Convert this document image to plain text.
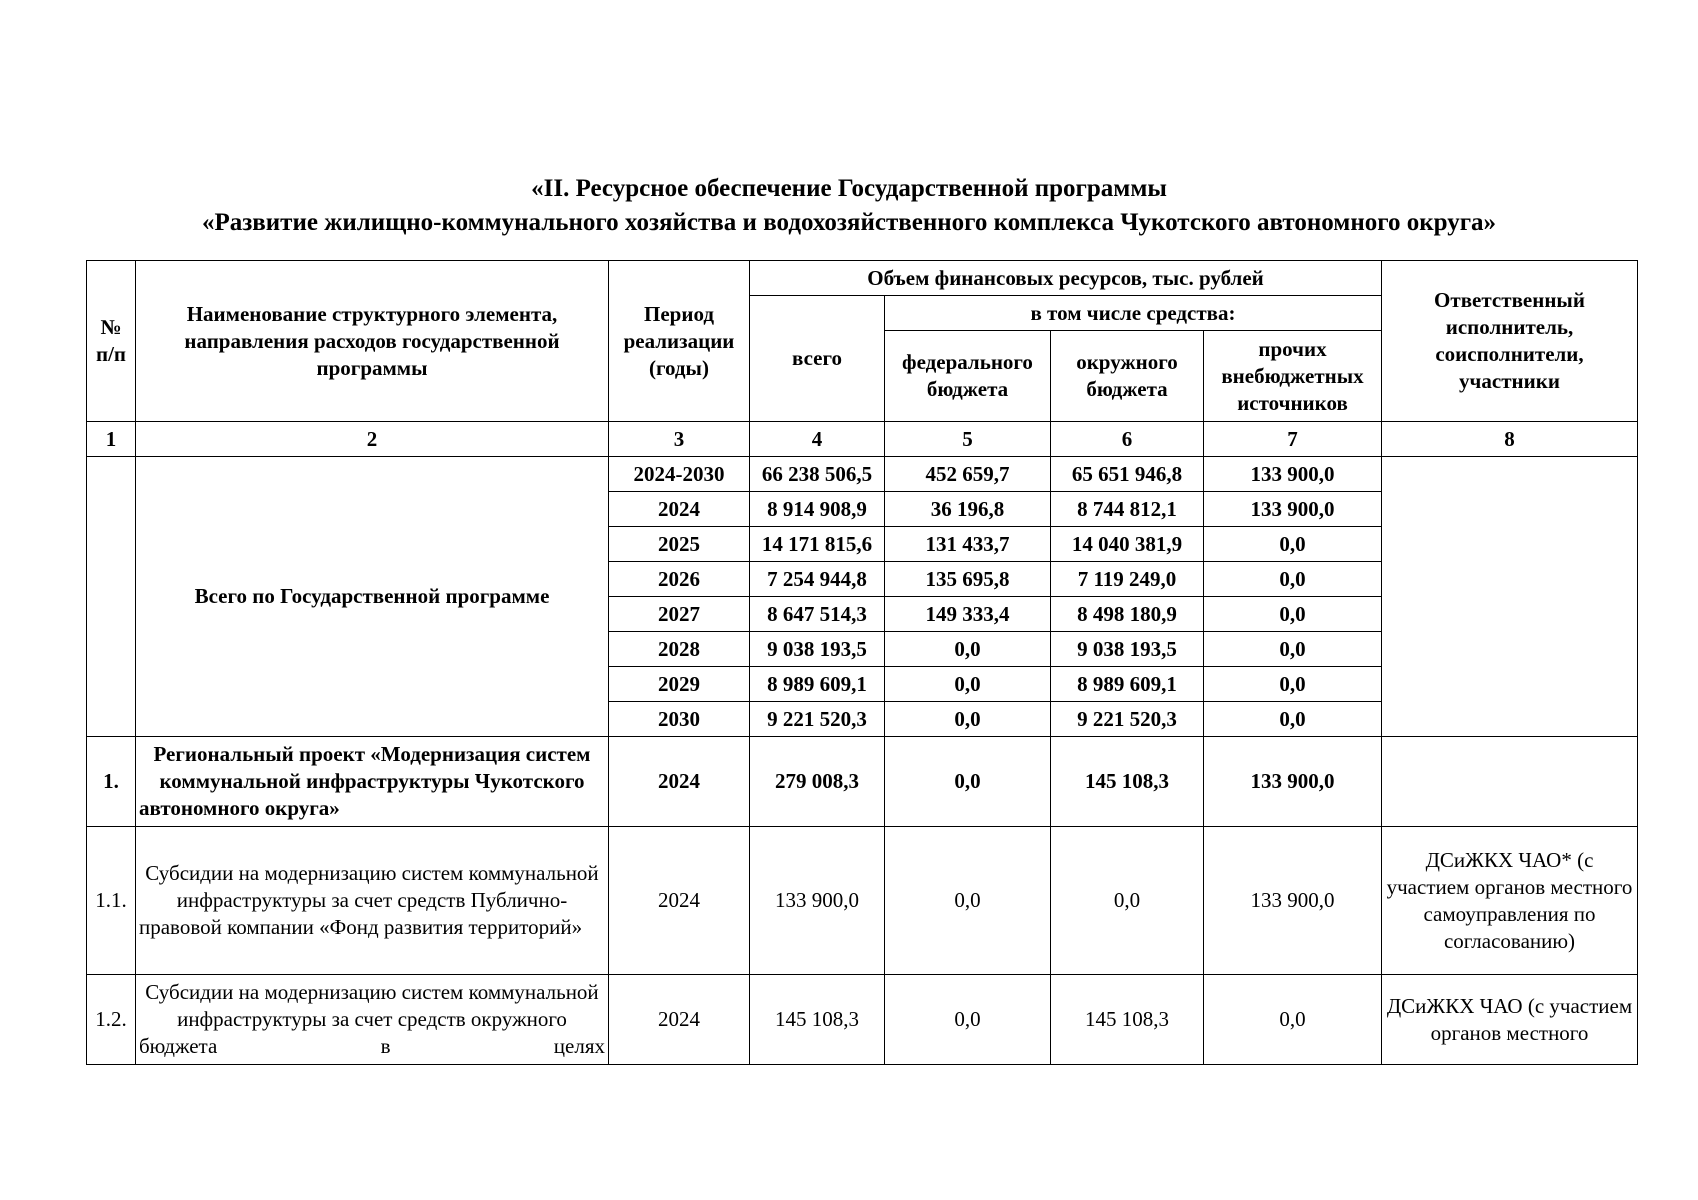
«II. Ресурсное обеспечение Государственной программы
«Развитие жилищно-коммунального хозяйства и водохозяйственного комплекса Чукотского автономного округа»
№ п/п	Наименование структурного элемента, направления расходов государственной программы	Период реализации (годы)	Объем финансовых ресурсов, тыс. рублей				Ответственный исполнитель, соисполнители, участники
			всего	в том числе средства:			
				федерального бюджета	окружного бюджета	прочих внебюджетных источников	
1	2	3	4	5	6	7	8
	Всего по Государственной программе	2024-2030	66 238 506,5	452 659,7	65 651 946,8	133 900,0	
		2024	8 914 908,9	36 196,8	8 744 812,1	133 900,0	
		2025	14 171 815,6	131 433,7	14 040 381,9	0,0	
		2026	7 254 944,8	135 695,8	7 119 249,0	0,0	
		2027	8 647 514,3	149 333,4	8 498 180,9	0,0	
		2028	9 038 193,5	0,0	9 038 193,5	0,0	
		2029	8 989 609,1	0,0	8 989 609,1	0,0	
		2030	9 221 520,3	0,0	9 221 520,3	0,0	
1.	Региональный проект «Модернизация систем коммунальной инфраструктуры Чукотского автономного округа»	2024	279 008,3	0,0	145 108,3	133 900,0	
1.1.	Субсидии на модернизацию систем коммунальной инфраструктуры за счет средств Публично-правовой компании «Фонд развития территорий»	2024	133 900,0	0,0	0,0	133 900,0	ДСиЖКХ ЧАО* (с участием органов местного самоуправления по согласованию)
1.2.	Субсидии на модернизацию систем коммунальной инфраструктуры за счет средств окружного бюджета в целях	2024	145 108,3	0,0	145 108,3	0,0	ДСиЖКХ ЧАО (с участием органов местного
